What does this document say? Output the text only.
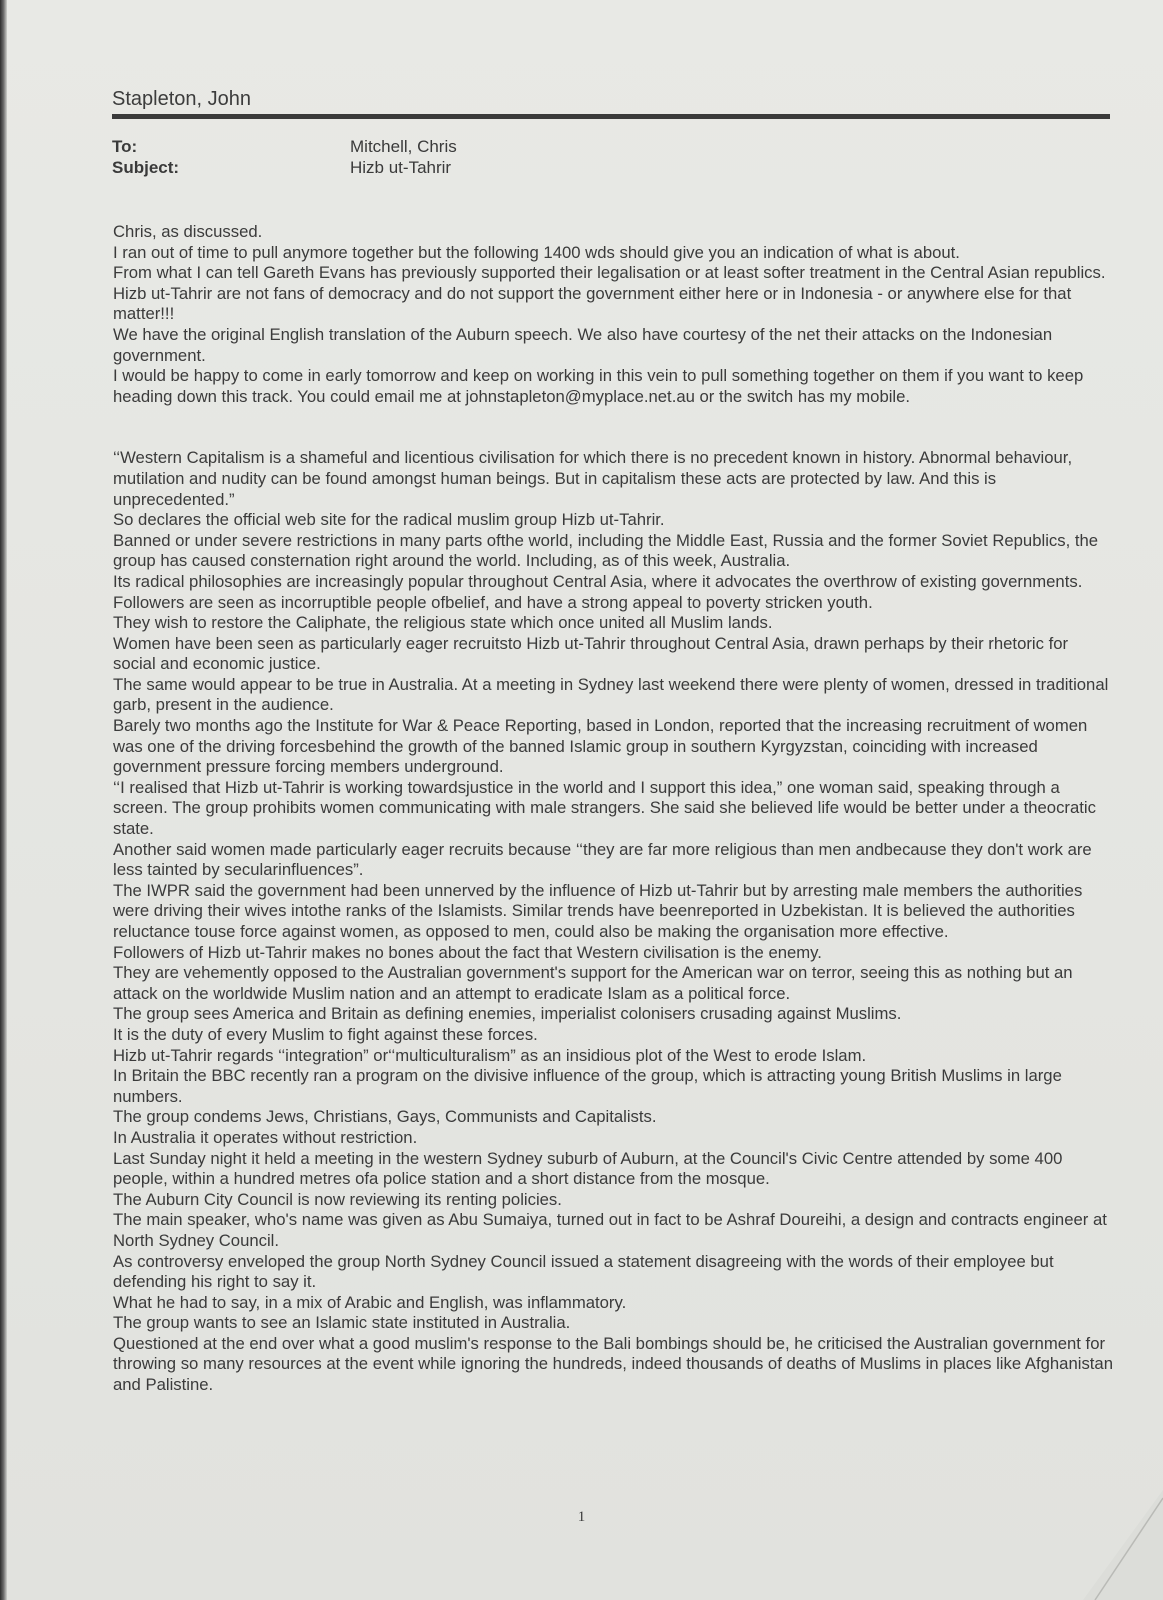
Stapleton, John
To:	Mitchell, Chris
Subject:	Hizb ut-Tahrir

Chris, as discussed.

I ran out of time to pull anymore together but the following 1400 wds should give you an indication of what is about.

From what I can tell Gareth Evans has previously supported their legalisation or at least softer treatment in the Central Asian republics.

Hizb ut-Tahrir are not fans of democracy and do not support the government either here or in Indonesia - or anywhere else for that matter!!!

We have the original English translation of the Auburn speech. We also have courtesy of the net their attacks on the Indonesian government.

I would be happy to come in early tomorrow and keep on working in this vein to pull something together on them if you want to keep heading down this track. You could email me at johnstapleton@myplace.net.au or the switch has my mobile.

‘‘Western Capitalism is a shameful and licentious civilisation for which there is no precedent known in history. Abnormal behaviour, mutilation and nudity can be found amongst human beings. But in capitalism these acts are protected by law. And this is unprecedented.”

So declares the official web site for the radical muslim group Hizb ut-Tahrir.

Banned or under severe restrictions in many parts ofthe world, including the Middle East, Russia and the former Soviet Republics, the group has caused consternation right around the world. Including, as of this week, Australia.

Its radical philosophies are increasingly popular throughout Central Asia, where it advocates the overthrow of existing governments.

Followers are seen as incorruptible people ofbelief, and have a strong appeal to poverty stricken youth.

They wish to restore the Caliphate, the religious state which once united all Muslim lands.

Women have been seen as particularly eager recruitsto Hizb ut-Tahrir throughout Central Asia, drawn perhaps by their rhetoric for social and economic justice.

The same would appear to be true in Australia. At a meeting in Sydney last weekend there were plenty of women, dressed in traditional garb, present in the audience.

Barely two months ago the Institute for War & Peace Reporting, based in London, reported that the increasing recruitment of women was one of the driving forcesbehind the growth of the banned Islamic group in southern Kyrgyzstan, coinciding with increased government pressure forcing members underground.

‘‘I realised that Hizb ut-Tahrir is working towardsjustice in the world and I support this idea,” one woman said, speaking through a screen. The group prohibits women communicating with male strangers. She said she believed life would be better under a theocratic state.

Another said women made particularly eager recruits because ‘‘they are far more religious than men andbecause they don't work are less tainted by secularinfluences”.

The IWPR said the government had been unnerved by the influence of Hizb ut-Tahrir but by arresting male members the authorities were driving their wives intothe ranks of the Islamists. Similar trends have beenreported in Uzbekistan. It is believed the authorities reluctance touse force against women, as opposed to men, could also be making the organisation more effective.

Followers of Hizb ut-Tahrir makes no bones about the fact that Western civilisation is the enemy.

They are vehemently opposed to the Australian government's support for the American war on terror, seeing this as nothing but an attack on the worldwide Muslim nation and an attempt to eradicate Islam as a political force.

The group sees America and Britain as defining enemies, imperialist colonisers crusading against Muslims.

It is the duty of every Muslim to fight against these forces.

Hizb ut-Tahrir regards ‘‘integration” or‘‘multiculturalism” as an insidious plot of the West to erode Islam.

In Britain the BBC recently ran a program on the divisive influence of the group, which is attracting young British Muslims in large numbers.

The group condems Jews, Christians, Gays, Communists and Capitalists.

In Australia it operates without restriction.

Last Sunday night it held a meeting in the western Sydney suburb of Auburn, at the Council's Civic Centre attended by some 400 people, within a hundred metres ofa police station and a short distance from the mosque.

The Auburn City Council is now reviewing its renting policies.

The main speaker, who's name was given as Abu Sumaiya, turned out in fact to be Ashraf Doureihi, a design and contracts engineer at North Sydney Council.

As controversy enveloped the group North Sydney Council issued a statement disagreeing with the words of their employee but defending his right to say it.

What he had to say, in a mix of Arabic and English, was inflammatory.

The group wants to see an Islamic state instituted in Australia.

Questioned at the end over what a good muslim's response to the Bali bombings should be, he criticised the Australian government for throwing so many resources at the event while ignoring the hundreds, indeed thousands of deaths of Muslims in places like Afghanistan and Palistine.

1
